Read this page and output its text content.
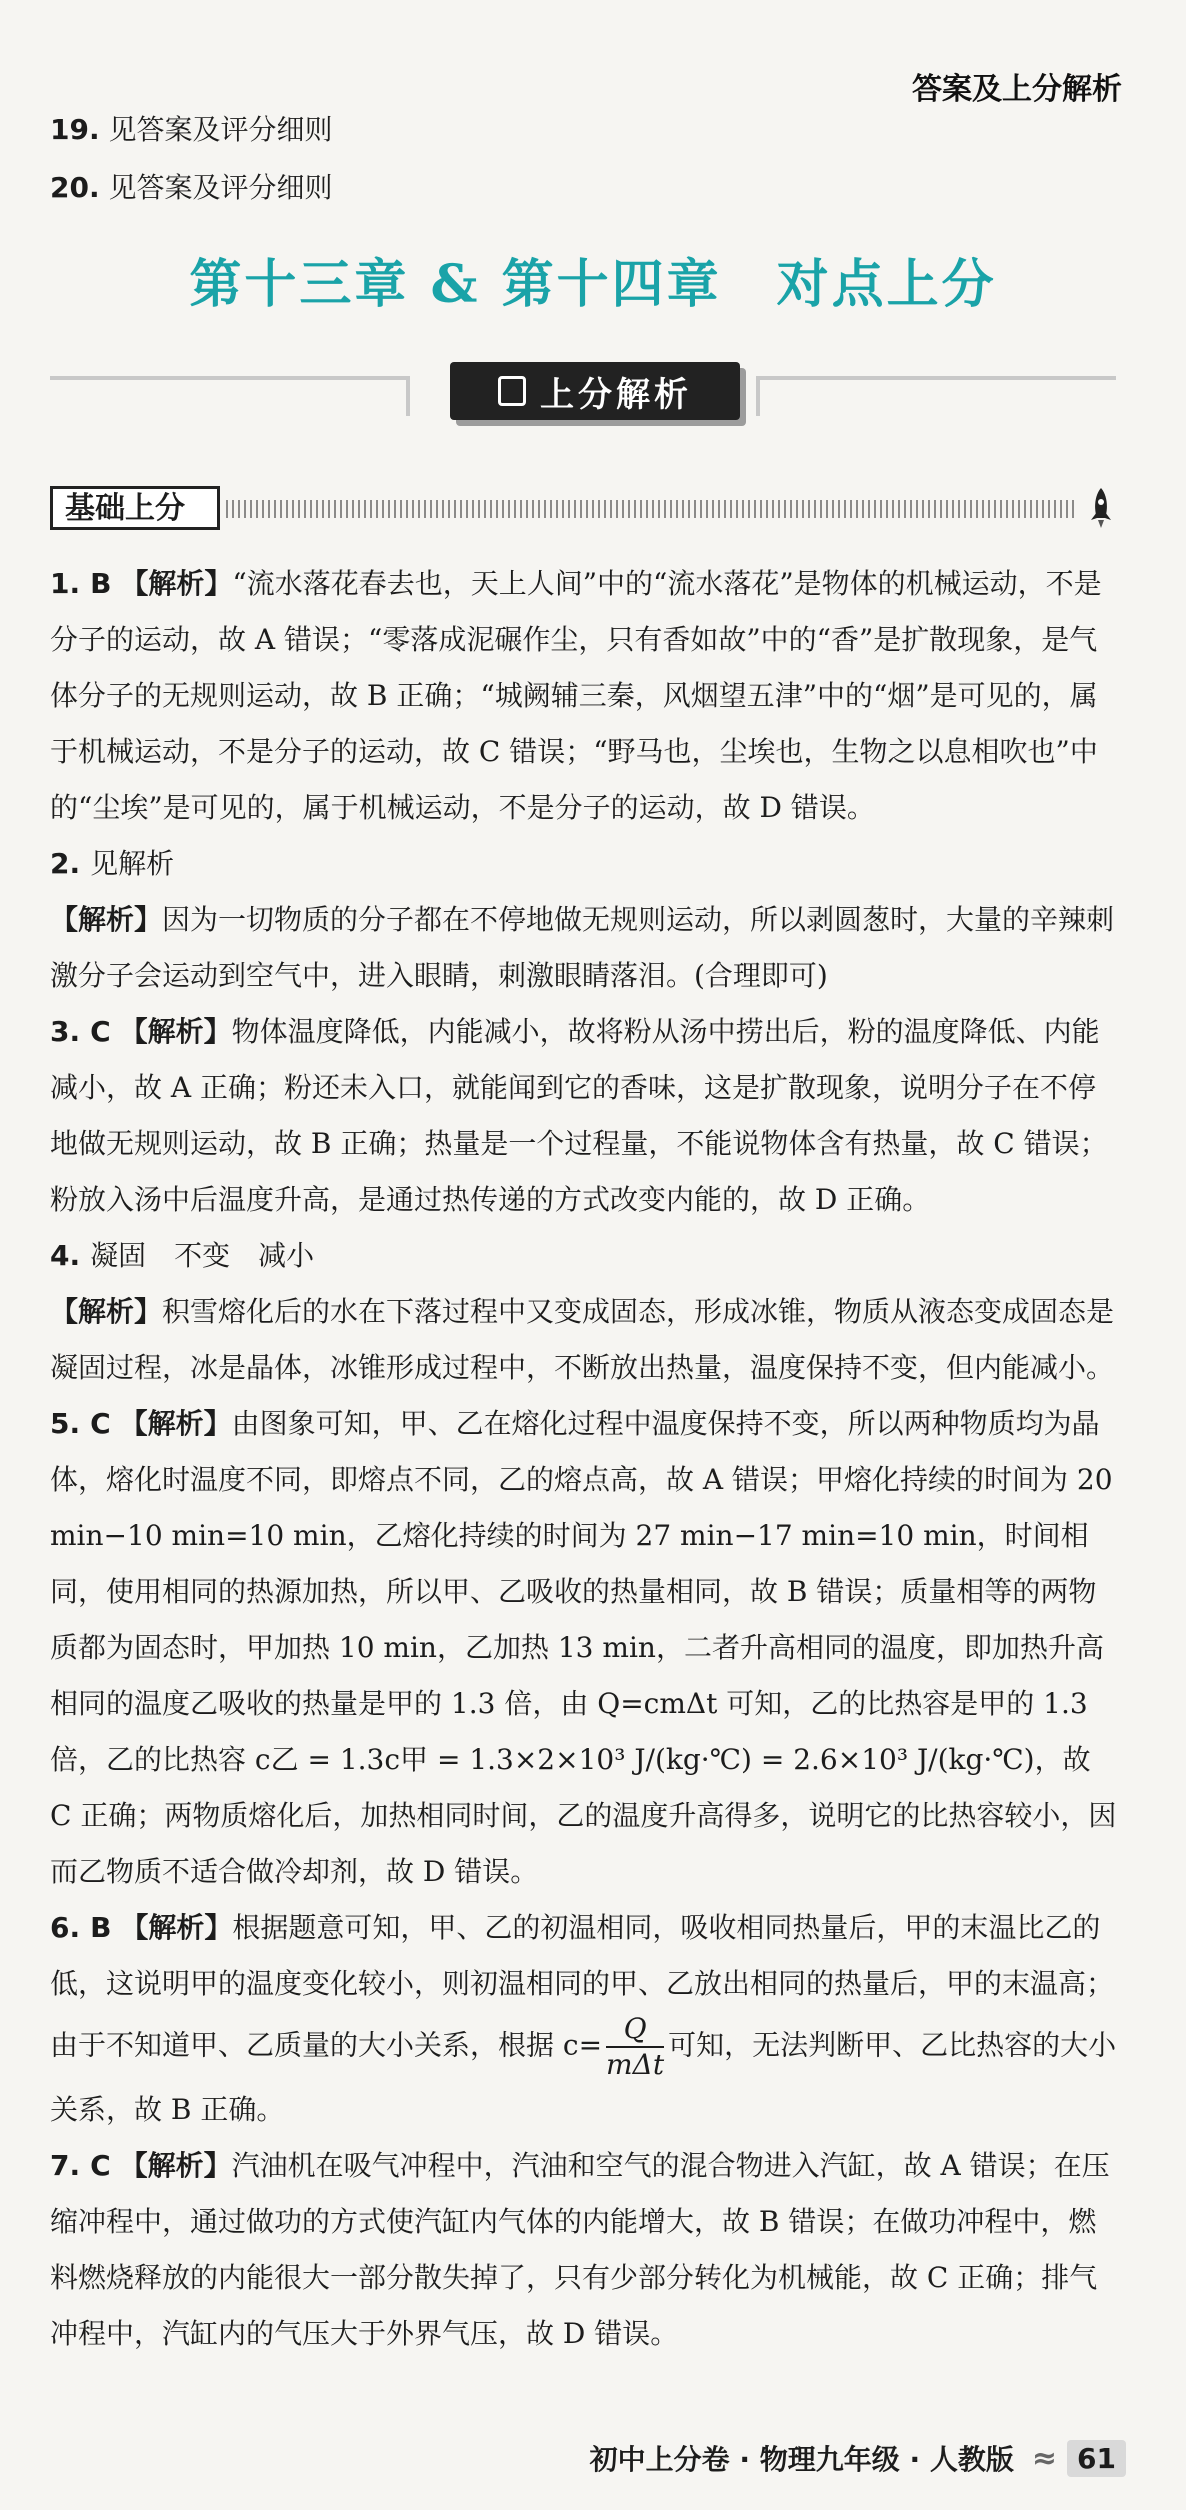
答案及上分解析
19. 见答案及评分细则
20. 见答案及评分细则
第十三章 & 第十四章　对点上分
上分解析
基础上分

1. B 【解析】“流水落花春去也，天上人间”中的“流水落花”是物体的机械运动，不是分子的运动，故 A 错误；“零落成泥碾作尘，只有香如故”中的“香”是扩散现象，是气体分子的无规则运动，故 B 正确；“城阙辅三秦，风烟望五津”中的“烟”是可见的，属于机械运动，不是分子的运动，故 C 错误；“野马也，尘埃也，生物之以息相吹也”中的“尘埃”是可见的，属于机械运动，不是分子的运动，故 D 错误。

2. 见解析

【解析】因为一切物质的分子都在不停地做无规则运动，所以剥圆葱时，大量的辛辣刺激分子会运动到空气中，进入眼睛，刺激眼睛落泪。(合理即可)

3. C 【解析】物体温度降低，内能减小，故将粉从汤中捞出后，粉的温度降低、内能减小，故 A 正确；粉还未入口，就能闻到它的香味，这是扩散现象，说明分子在不停地做无规则运动，故 B 正确；热量是一个过程量，不能说物体含有热量，故 C 错误；粉放入汤中后温度升高，是通过热传递的方式改变内能的，故 D 正确。

4. 凝固　不变　减小

【解析】积雪熔化后的水在下落过程中又变成固态，形成冰锥，物质从液态变成固态是凝固过程，冰是晶体，冰锥形成过程中，不断放出热量，温度保持不变，但内能减小。

5. C 【解析】由图象可知，甲、乙在熔化过程中温度保持不变，所以两种物质均为晶体，熔化时温度不同，即熔点不同，乙的熔点高，故 A 错误；甲熔化持续的时间为 20 min−10 min=10 min，乙熔化持续的时间为 27 min−17 min=10 min，时间相同，使用相同的热源加热，所以甲、乙吸收的热量相同，故 B 错误；质量相等的两物质都为固态时，甲加热 10 min，乙加热 13 min，二者升高相同的温度，即加热升高相同的温度乙吸收的热量是甲的 1.3 倍，由 Q=cmΔt 可知，乙的比热容是甲的 1.3 倍，乙的比热容 c乙 = 1.3c甲 = 1.3×2×10³ J/(kg·℃) = 2.6×10³ J/(kg·℃)，故 C 正确；两物质熔化后，加热相同时间，乙的温度升高得多，说明它的比热容较小，因而乙物质不适合做冷却剂，故 D 错误。

6. B 【解析】根据题意可知，甲、乙的初温相同，吸收相同热量后，甲的末温比乙的低，这说明甲的温度变化较小，则初温相同的甲、乙放出相同的热量后，甲的末温高；由于不知道甲、乙质量的大小关系，根据 $c= \frac{Q}{\text{mΔt}}$ 可知，无法判断甲、乙比热容的大小关系，故 B 正确。

7. C 【解析】汽油机在吸气冲程中，汽油和空气的混合物进入汽缸，故 A 错误；在压缩冲程中，通过做功的方式使汽缸内气体的内能增大，故 B 错误；在做功冲程中，燃料燃烧释放的内能很大一部分散失掉了，只有少部分转化为机械能，故 C 正确；排气冲程中，汽缸内的气压大于外界气压，故 D 错误。

初中上分卷 · 物理九年级 · 人教版 ≈ 61
